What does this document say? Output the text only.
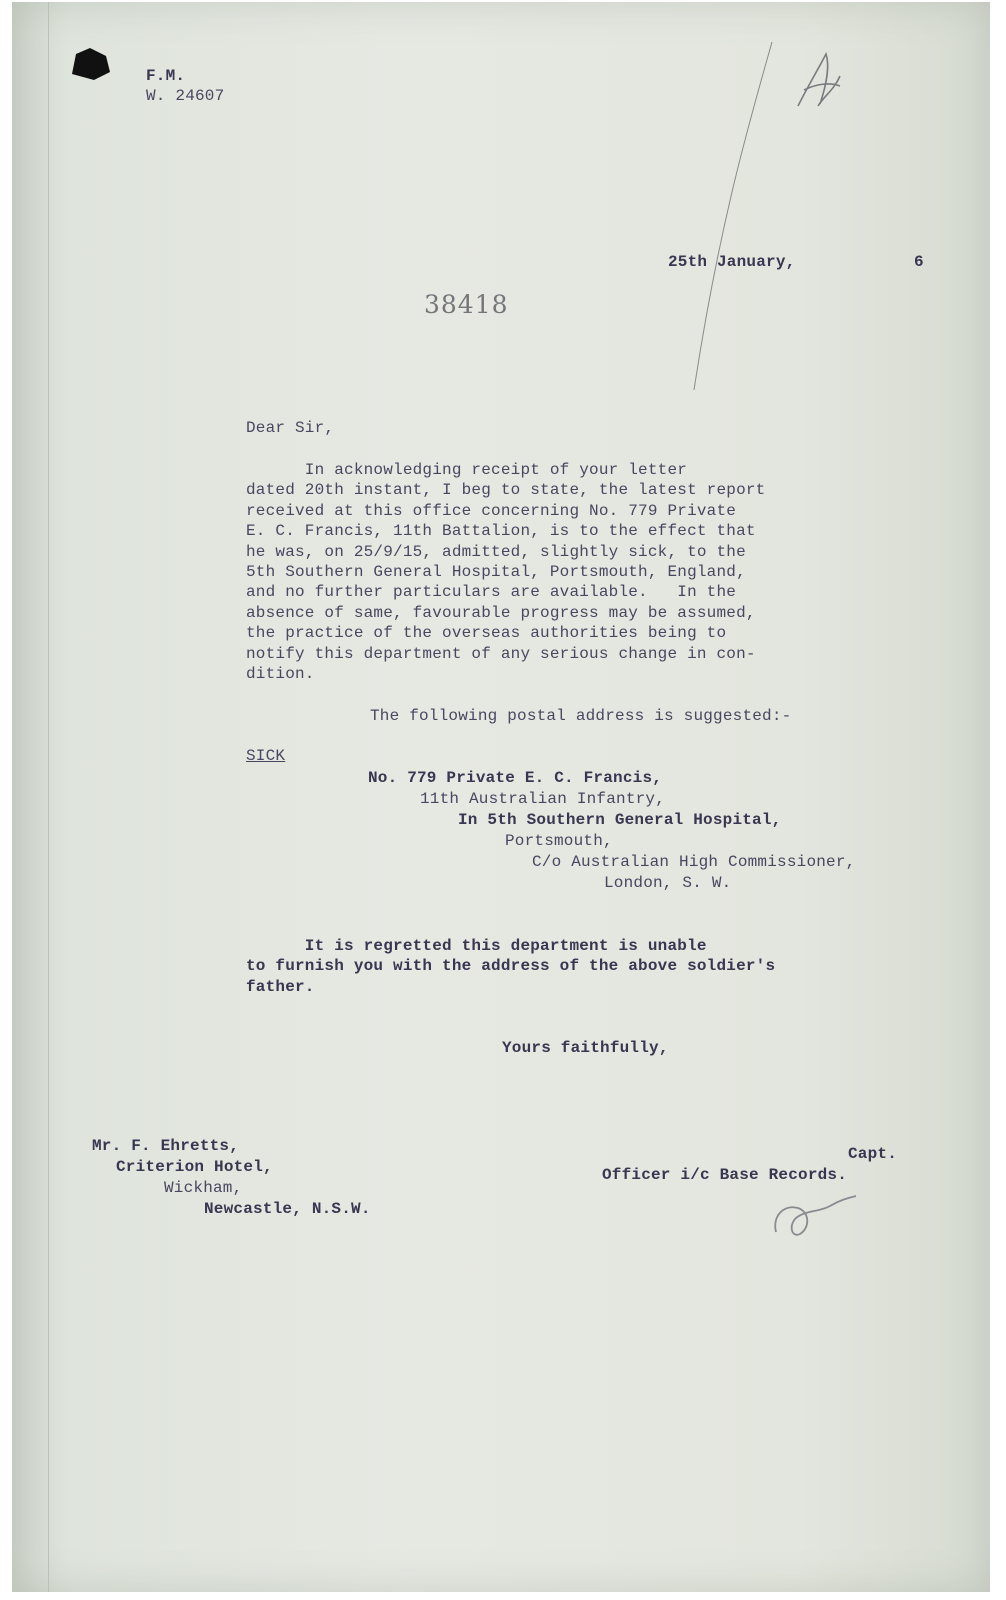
F.M.
W. 24607
25th January,	6
38418
Dear Sir,
In acknowledging receipt of your letter
dated 20th instant, I beg to state, the latest report
received at this office concerning No. 779 Private
E. C. Francis, 11th Battalion, is to the effect that
he was, on 25/9/15, admitted, slightly sick, to the
5th Southern General Hospital, Portsmouth, England,
and no further particulars are available.   In the
absence of same, favourable progress may be assumed,
the practice of the overseas authorities being to
notify this department of any serious change in con-
dition.
The following postal address is suggested:-
SICK
No. 779 Private E. C. Francis,
11th Australian Infantry,
In 5th Southern General Hospital,
Portsmouth,
C/o Australian High Commissioner,
London, S. W.
It is regretted this department is unable
to furnish you with the address of the above soldier's
father.
Yours faithfully,
Mr. F. Ehretts,
Criterion Hotel,
Wickham,
Newcastle, N.S.W.
Capt.
Officer i/c Base Records.
